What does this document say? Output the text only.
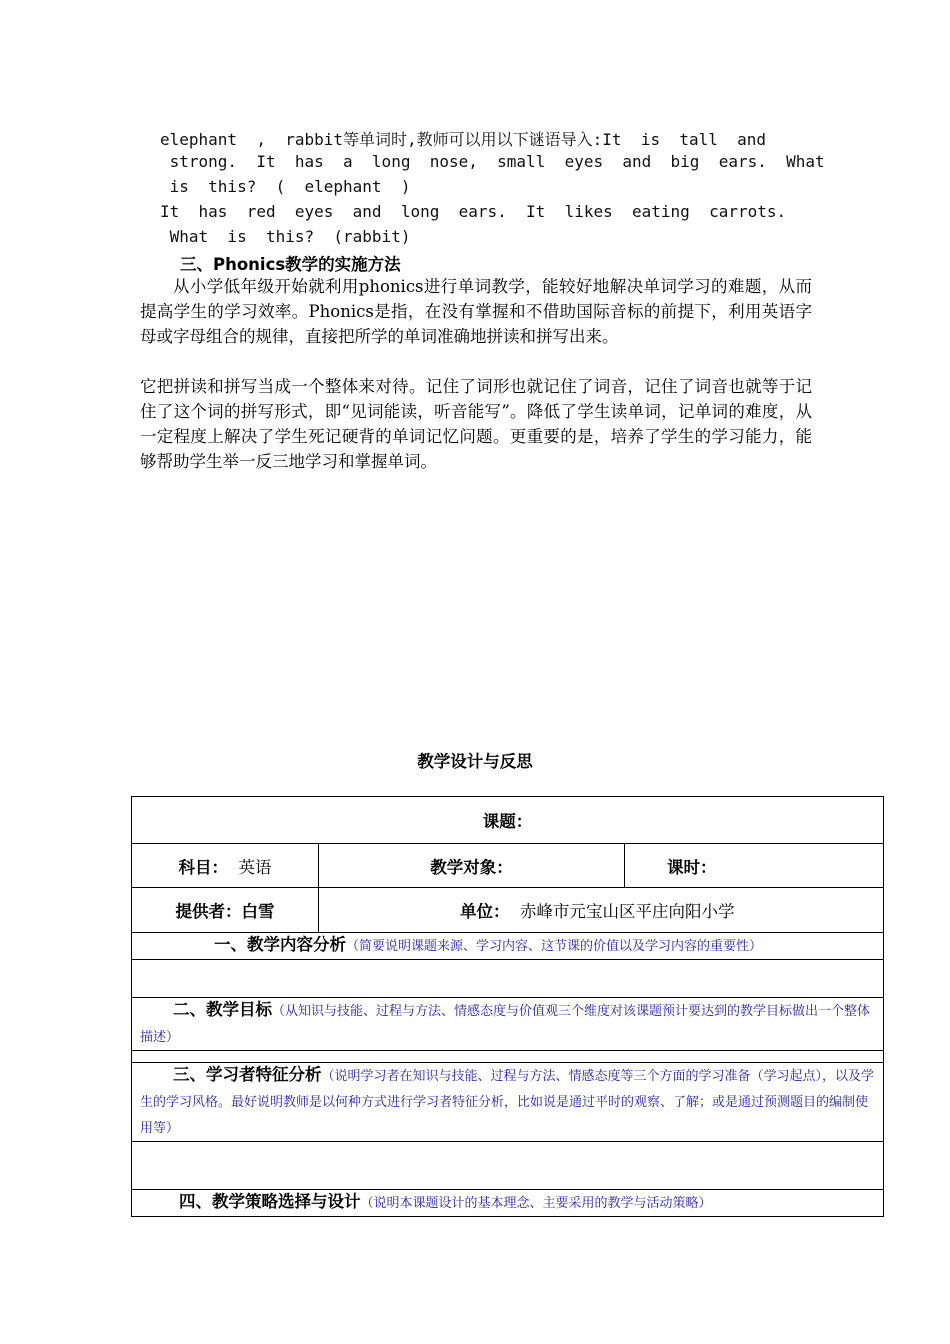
elephant  ,  rabbit等单词时,教师可以用以下谜语导入:It  is  tall  and
strong.  It  has  a  long  nose,  small  eyes  and  big  ears.  What
is  this?  (  elephant  )
It  has  red  eyes  and  long  ears.  It  likes  eating  carrots.
What  is  this?  (rabbit)
三、Phonics教学的实施方法
从小学低年级开始就利用phonics进行单词教学，能较好地解决单词学习的难题，从而提高学生的学习效率。Phonics是指，在没有掌握和不借助国际音标的前提下，利用英语字母或字母组合的规律，直接把所学的单词准确地拼读和拼写出来。
它把拼读和拼写当成一个整体来对待。记住了词形也就记住了词音，记住了词音也就等于记住了这个词的拼写形式，即“见词能读，听音能写”。降低了学生读单词，记单词的难度，从一定程度上解决了学生死记硬背的单词记忆问题。更重要的是，培养了学生的学习能力，能够帮助学生举一反三地学习和掌握单词。
教学设计与反思
课题：		
科目： 英语	教学对象：	课时：
提供者：白雪	单位： 赤峰市元宝山区平庄向阳小学	
一、教学内容分析（简要说明课题来源、学习内容、这节课的价值以及学习内容的重要性）		

二、教学目标（从知识与技能、过程与方法、情感态度与价值观三个维度对该课题预计要达到的教学目标做出一个整体描述）		

三、学习者特征分析（说明学习者在知识与技能、过程与方法、情感态度等三个方面的学习准备（学习起点），以及学生的学习风格。最好说明教师是以何种方式进行学习者特征分析，比如说是通过平时的观察、了解；或是通过预测题目的编制使用等）		

四、教学策略选择与设计（说明本课题设计的基本理念、主要采用的教学与活动策略）		
